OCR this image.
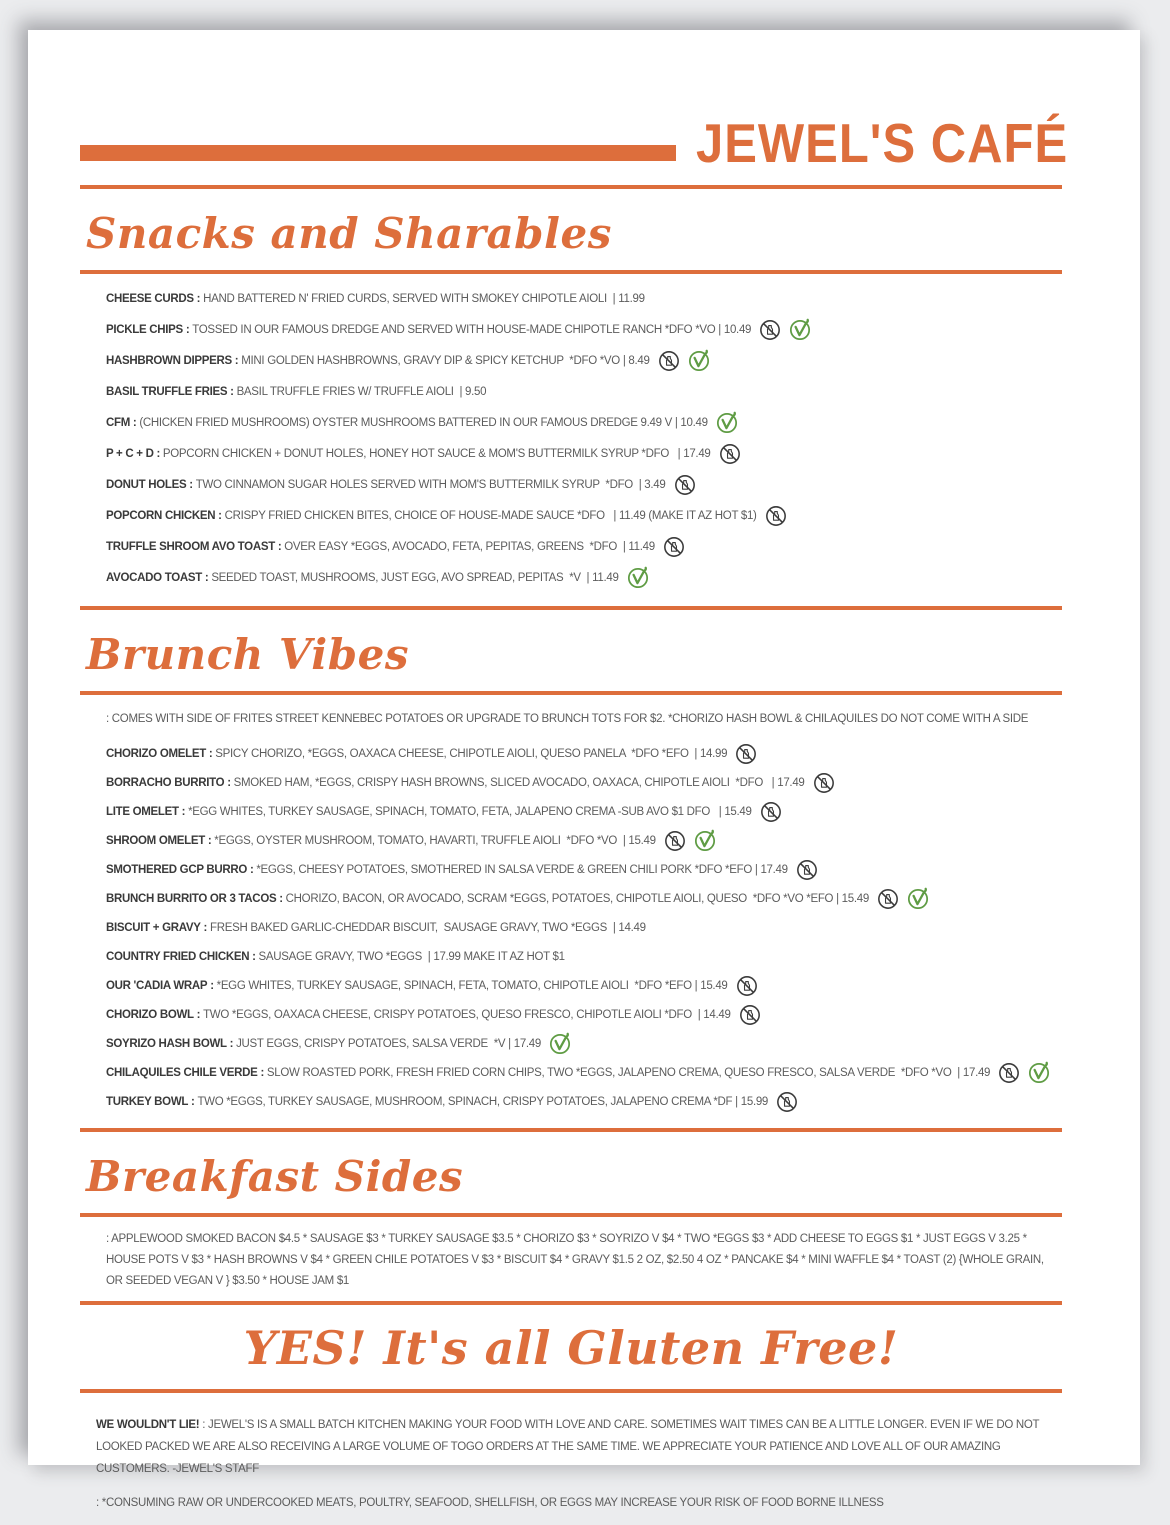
JEWEL'S CAFÉ
Snacks and Sharables
CHEESE CURDS : HAND BATTERED N' FRIED CURDS, SERVED WITH SMOKEY CHIPOTLE AIOLI  | 11.99
PICKLE CHIPS : TOSSED IN OUR FAMOUS DREDGE AND SERVED WITH HOUSE-MADE CHIPOTLE RANCH *DFO *VO | 10.49
HASHBROWN DIPPERS : MINI GOLDEN HASHBROWNS, GRAVY DIP & SPICY KETCHUP  *DFO *VO | 8.49
BASIL TRUFFLE FRIES : BASIL TRUFFLE FRIES W/ TRUFFLE AIOLI  | 9.50
CFM : (CHICKEN FRIED MUSHROOMS) OYSTER MUSHROOMS BATTERED IN OUR FAMOUS DREDGE 9.49 V | 10.49
P + C + D : POPCORN CHICKEN + DONUT HOLES, HONEY HOT SAUCE & MOM'S BUTTERMILK SYRUP *DFO   | 17.49
DONUT HOLES : TWO CINNAMON SUGAR HOLES SERVED WITH MOM'S BUTTERMILK SYRUP  *DFO  | 3.49
POPCORN CHICKEN : CRISPY FRIED CHICKEN BITES, CHOICE OF HOUSE-MADE SAUCE *DFO   | 11.49 (MAKE IT AZ HOT $1)
TRUFFLE SHROOM AVO TOAST : OVER EASY *EGGS, AVOCADO, FETA, PEPITAS, GREENS  *DFO  | 11.49
AVOCADO TOAST : SEEDED TOAST, MUSHROOMS, JUST EGG, AVO SPREAD, PEPITAS  *V  | 11.49
Brunch Vibes

: COMES WITH SIDE OF FRITES STREET KENNEBEC POTATOES OR UPGRADE TO BRUNCH TOTS FOR $2. *CHORIZO HASH BOWL & CHILAQUILES DO NOT COME WITH A SIDE

CHORIZO OMELET : SPICY CHORIZO, *EGGS, OAXACA CHEESE, CHIPOTLE AIOLI, QUESO PANELA  *DFO *EFO  | 14.99
BORRACHO BURRITO : SMOKED HAM, *EGGS, CRISPY HASH BROWNS, SLICED AVOCADO, OAXACA, CHIPOTLE AIOLI  *DFO   | 17.49
LITE OMELET : *EGG WHITES, TURKEY SAUSAGE, SPINACH, TOMATO, FETA, JALAPENO CREMA -SUB AVO $1 DFO   | 15.49
SHROOM OMELET : *EGGS, OYSTER MUSHROOM, TOMATO, HAVARTI, TRUFFLE AIOLI  *DFO *VO  | 15.49
SMOTHERED GCP BURRO : *EGGS, CHEESY POTATOES, SMOTHERED IN SALSA VERDE & GREEN CHILI PORK *DFO *EFO | 17.49
BRUNCH BURRITO OR 3 TACOS : CHORIZO, BACON, OR AVOCADO, SCRAM *EGGS, POTATOES, CHIPOTLE AIOLI, QUESO  *DFO *VO *EFO | 15.49
BISCUIT + GRAVY : FRESH BAKED GARLIC-CHEDDAR BISCUIT,  SAUSAGE GRAVY, TWO *EGGS  | 14.49
COUNTRY FRIED CHICKEN : SAUSAGE GRAVY, TWO *EGGS  | 17.99 MAKE IT AZ HOT $1
OUR 'CADIA WRAP : *EGG WHITES, TURKEY SAUSAGE, SPINACH, FETA, TOMATO, CHIPOTLE AIOLI  *DFO *EFO | 15.49
CHORIZO BOWL : TWO *EGGS, OAXACA CHEESE, CRISPY POTATOES, QUESO FRESCO, CHIPOTLE AIOLI *DFO  | 14.49
SOYRIZO HASH BOWL : JUST EGGS, CRISPY POTATOES, SALSA VERDE  *V | 17.49
CHILAQUILES CHILE VERDE : SLOW ROASTED PORK, FRESH FRIED CORN CHIPS, TWO *EGGS, JALAPENO CREMA, QUESO FRESCO, SALSA VERDE  *DFO *VO  | 17.49
TURKEY BOWL : TWO *EGGS, TURKEY SAUSAGE, MUSHROOM, SPINACH, CRISPY POTATOES, JALAPENO CREMA *DF | 15.99
Breakfast Sides

: APPLEWOOD SMOKED BACON $4.5 * SAUSAGE $3 * TURKEY SAUSAGE $3.5 * CHORIZO $3 * SOYRIZO V $4 * TWO *EGGS $3 * ADD CHEESE TO EGGS $1 * JUST EGGS V 3.25 * HOUSE POTS V $3 * HASH BROWNS V $4 * GREEN CHILE POTATOES V $3 * BISCUIT $4 * GRAVY $1.5 2 OZ, $2.50 4 OZ * PANCAKE $4 * MINI WAFFLE $4 * TOAST (2) {WHOLE GRAIN, OR SEEDED VEGAN V } $3.50 * HOUSE JAM $1

YES! It's all Gluten Free!

WE WOULDN'T LIE! : JEWEL'S IS A SMALL BATCH KITCHEN MAKING YOUR FOOD WITH LOVE AND CARE. SOMETIMES WAIT TIMES CAN BE A LITTLE LONGER. EVEN IF WE DO NOT LOOKED PACKED WE ARE ALSO RECEIVING A LARGE VOLUME OF TOGO ORDERS AT THE SAME TIME. WE APPRECIATE YOUR PATIENCE AND LOVE ALL OF OUR AMAZING CUSTOMERS. -JEWEL'S STAFF

: *CONSUMING RAW OR UNDERCOOKED MEATS, POULTRY, SEAFOOD, SHELLFISH, OR EGGS MAY INCREASE YOUR RISK OF FOOD BORNE ILLNESS
